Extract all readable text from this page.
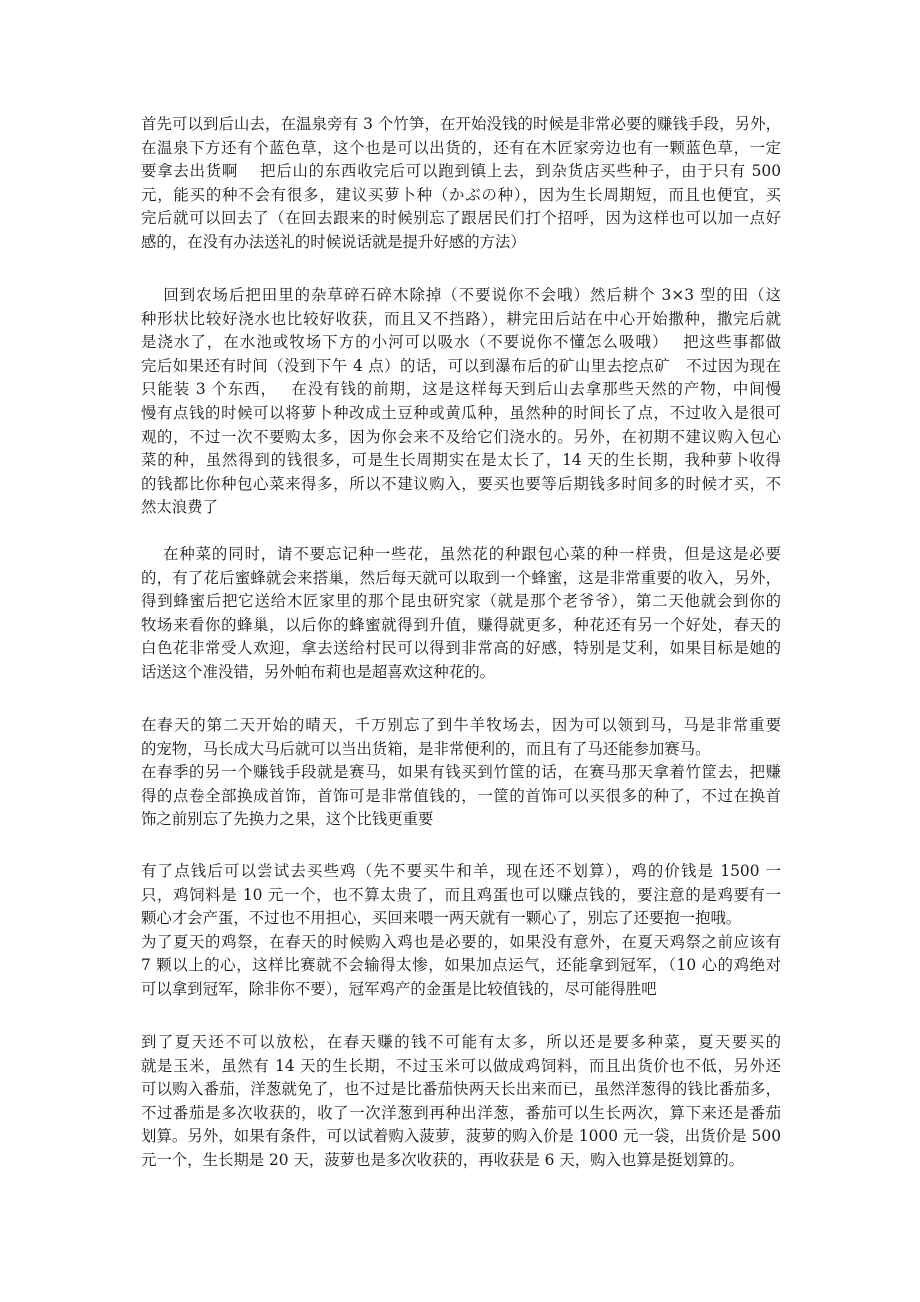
首先可以到后山去，在温泉旁有 3 个竹笋，在开始没钱的时候是非常必要的赚钱手段，另外，
在温泉下方还有个蓝色草，这个也是可以出货的，还有在木匠家旁边也有一颗蓝色草，一定
要拿去出货啊　 把后山的东西收完后可以跑到镇上去，到杂货店买些种子，由于只有 500
元，能买的种不会有很多，建议买萝卜种（かぶの种），因为生长周期短，而且也便宜，买
完后就可以回去了（在回去跟来的时候别忘了跟居民们打个招呼，因为这样也可以加一点好
感的，在没有办法送礼的时候说话就是提升好感的方法）
　 回到农场后把田里的杂草碎石碎木除掉（不要说你不会哦）然后耕个 3×3 型的田（这
种形状比较好浇水也比较好收获，而且又不挡路），耕完田后站在中心开始撒种，撒完后就
是浇水了，在水池或牧场下方的小河可以吸水（不要说你不懂怎么吸哦）　 把这些事都做
完后如果还有时间（没到下午 4 点）的话，可以到瀑布后的矿山里去挖点矿　不过因为现在
只能装 3 个东西，　 在没有钱的前期，这是这样每天到后山去拿那些天然的产物，中间慢
慢有点钱的时候可以将萝卜种改成土豆种或黄瓜种，虽然种的时间长了点，不过收入是很可
观的，不过一次不要购太多，因为你会来不及给它们浇水的。另外，在初期不建议购入包心
菜的种，虽然得到的钱很多，可是生长周期实在是太长了，14 天的生长期，我种萝卜收得
的钱都比你种包心菜来得多，所以不建议购入，要买也要等后期钱多时间多的时候才买，不
然太浪费了
　 在种菜的同时，请不要忘记种一些花，虽然花的种跟包心菜的种一样贵，但是这是必要
的，有了花后蜜蜂就会来搭巢，然后每天就可以取到一个蜂蜜，这是非常重要的收入，另外，
得到蜂蜜后把它送给木匠家里的那个昆虫研究家（就是那个老爷爷），第二天他就会到你的
牧场来看你的蜂巢，以后你的蜂蜜就得到升值，赚得就更多，种花还有另一个好处，春天的
白色花非常受人欢迎，拿去送给村民可以得到非常高的好感，特别是艾利，如果目标是她的
话送这个准没错，另外帕布莉也是超喜欢这种花的。
在春天的第二天开始的晴天，千万别忘了到牛羊牧场去，因为可以领到马，马是非常重要
的宠物，马长成大马后就可以当出货箱，是非常便利的，而且有了马还能参加赛马。
在春季的另一个赚钱手段就是赛马，如果有钱买到竹筐的话，在赛马那天拿着竹筐去，把赚
得的点卷全部换成首饰，首饰可是非常值钱的，一筐的首饰可以买很多的种了，不过在换首
饰之前别忘了先换力之果，这个比钱更重要
有了点钱后可以尝试去买些鸡（先不要买牛和羊，现在还不划算），鸡的价钱是 1500 一
只，鸡饲料是 10 元一个，也不算太贵了，而且鸡蛋也可以赚点钱的，要注意的是鸡要有一
颗心才会产蛋，不过也不用担心，买回来喂一两天就有一颗心了，别忘了还要抱一抱哦。
为了夏天的鸡祭，在春天的时候购入鸡也是必要的，如果没有意外，在夏天鸡祭之前应该有
7 颗以上的心，这样比赛就不会输得太惨，如果加点运气，还能拿到冠军，（10 心的鸡绝对
可以拿到冠军，除非你不要），冠军鸡产的金蛋是比较值钱的，尽可能得胜吧
到了夏天还不可以放松，在春天赚的钱不可能有太多，所以还是要多种菜，夏天要买的
就是玉米，虽然有 14 天的生长期，不过玉米可以做成鸡饲料，而且出货价也不低，另外还
可以购入番茄，洋葱就免了，也不过是比番茄快两天长出来而已，虽然洋葱得的钱比番茄多，
不过番茄是多次收获的，收了一次洋葱到再种出洋葱，番茄可以生长两次，算下来还是番茄
划算。另外，如果有条件，可以试着购入菠萝，菠萝的购入价是 1000 元一袋，出货价是 500
元一个，生长期是 20 天，菠萝也是多次收获的，再收获是 6 天，购入也算是挺划算的。
